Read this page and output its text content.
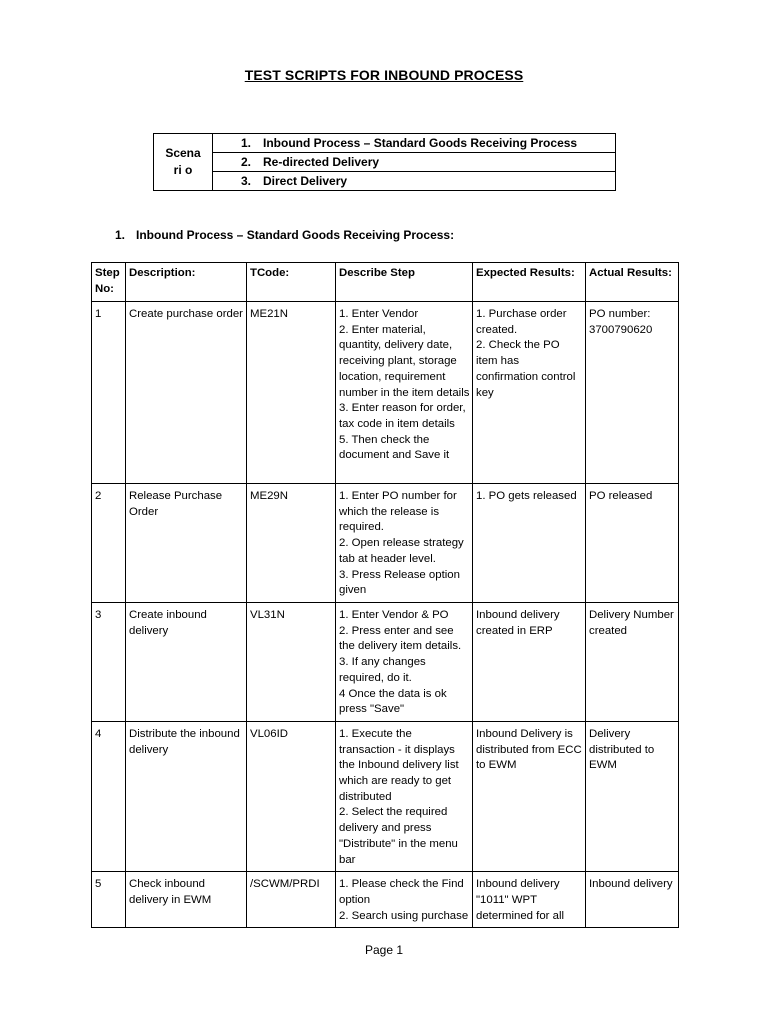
TEST SCRIPTS FOR INBOUND PROCESS
Scenari o	1. Inbound Process – Standard Goods Receiving Process
2. Re-directed Delivery
3. Direct Delivery
1. Inbound Process – Standard Goods Receiving Process:
Step No:	Description:	TCode:	Describe Step	Expected Results:	Actual Results:
1	Create purchase order	ME21N	1. Enter Vendor
2. Enter material, quantity, delivery date, receiving plant, storage location, requirement number in the item details
3. Enter reason for order, tax code in item details
5. Then check the document and Save it	1. Purchase order created.
2. Check the PO item has confirmation control key	PO number: 3700790620
2	Release Purchase Order	ME29N	1. Enter PO number for which the release is required.
2. Open release strategy tab at header level.
3. Press Release option given	1. PO gets released	PO released
3	Create inbound delivery	VL31N	1. Enter Vendor & PO
2. Press enter and see the delivery item details.
3. If any changes required, do it.
4 Once the data is ok press "Save"	Inbound delivery created in ERP	Delivery Number created
4	Distribute the inbound delivery	VL06ID	1. Execute the transaction - it displays the Inbound delivery list which are ready to get distributed
2. Select the required delivery and press "Distribute" in the menu bar	Inbound Delivery is distributed from ECC to EWM	Delivery distributed to EWM
5	Check inbound delivery in EWM	/SCWM/PRDI	1. Please check the Find option
2. Search using purchase	Inbound delivery "1011" WPT determined for all	Inbound delivery
Page 1
